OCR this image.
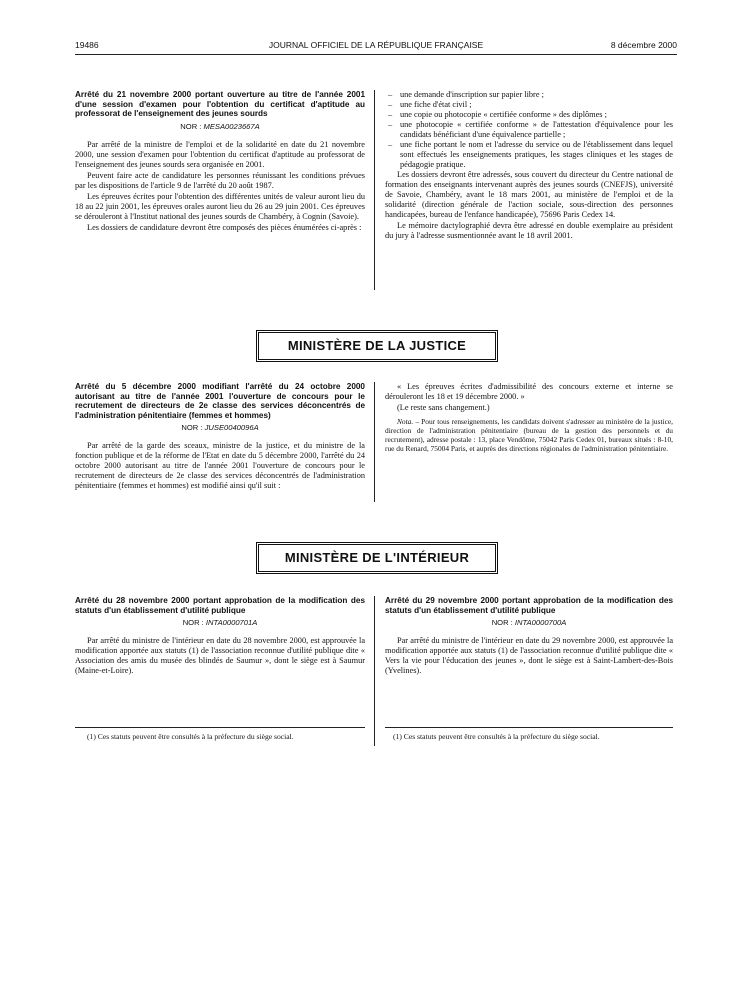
19486	JOURNAL OFFICIEL DE LA RÉPUBLIQUE FRANÇAISE	8 décembre 2000

Arrêté du 21 novembre 2000 portant ouverture au titre de l'année 2001 d'une session d'examen pour l'obtention du certificat d'aptitude au professorat de l'enseignement des jeunes sourds

NOR : MESA0023667A

Par arrêté de la ministre de l'emploi et de la solidarité en date du 21 novembre 2000, une session d'examen pour l'obtention du certificat d'aptitude au professorat de l'enseignement des jeunes sourds sera organisée en 2001.

Peuvent faire acte de candidature les personnes réunissant les conditions prévues par les dispositions de l'article 9 de l'arrêté du 20 août 1987.

Les épreuves écrites pour l'obtention des différentes unités de valeur auront lieu du 18 au 22 juin 2001, les épreuves orales auront lieu du 26 au 29 juin 2001. Ces épreuves se dérouleront à l'Institut national des jeunes sourds de Chambéry, à Cognin (Savoie).

Les dossiers de candidature devront être composés des pièces énumérées ci-après :

– une demande d'inscription sur papier libre ;
– une fiche d'état civil ;
– une copie ou photocopie « certifiée conforme » des diplômes ;
– une photocopie « certifiée conforme » de l'attestation d'équivalence pour les candidats bénéficiant d'une équivalence partielle ;
– une fiche portant le nom et l'adresse du service ou de l'établissement dans lequel sont effectués les enseignements pratiques, les stages cliniques et les stages de pédagogie pratique.

Les dossiers devront être adressés, sous couvert du directeur du Centre national de formation des enseignants intervenant auprès des jeunes sourds (CNEFJS), université de Savoie, Chambéry, avant le 18 mars 2001, au ministère de l'emploi et de la solidarité (direction générale de l'action sociale, sous-direction des personnes handicapées, bureau de l'enfance handicapée), 75696 Paris Cedex 14.

Le mémoire dactylographié devra être adressé en double exemplaire au président du jury à l'adresse susmentionnée avant le 18 avril 2001.

MINISTÈRE DE LA JUSTICE

Arrêté du 5 décembre 2000 modifiant l'arrêté du 24 octobre 2000 autorisant au titre de l'année 2001 l'ouverture de concours pour le recrutement de directeurs de 2e classe des services déconcentrés de l'administration pénitentiaire (femmes et hommes)

NOR : JUSE0040096A

Par arrêté de la garde des sceaux, ministre de la justice, et du ministre de la fonction publique et de la réforme de l'Etat en date du 5 décembre 2000, l'arrêté du 24 octobre 2000 autorisant au titre de l'année 2001 l'ouverture de concours pour le recrutement de directeurs de 2e classe des services déconcentrés de l'administration pénitentiaire (femmes et hommes) est modifié ainsi qu'il suit :

« Les épreuves écrites d'admissibilité des concours externe et interne se dérouleront les 18 et 19 décembre 2000. »

(Le reste sans changement.)

Nota. – Pour tous renseignements, les candidats doivent s'adresser au ministère de la justice, direction de l'administration pénitentiaire (bureau de la gestion des personnels et du recrutement), adresse postale : 13, place Vendôme, 75042 Paris Cedex 01, bureaux situés : 8-10, rue du Renard, 75004 Paris, et auprès des directions régionales de l'administration pénitentiaire.

MINISTÈRE DE L'INTÉRIEUR

Arrêté du 28 novembre 2000 portant approbation de la modification des statuts d'un établissement d'utilité publique

NOR : INTA0000701A

Par arrêté du ministre de l'intérieur en date du 28 novembre 2000, est approuvée la modification apportée aux statuts (1) de l'association reconnue d'utilité publique dite « Association des amis du musée des blindés de Saumur », dont le siège est à Saumur (Maine-et-Loire).

Arrêté du 29 novembre 2000 portant approbation de la modification des statuts d'un établissement d'utilité publique

NOR : INTA0000700A

Par arrêté du ministre de l'intérieur en date du 29 novembre 2000, est approuvée la modification apportée aux statuts (1) de l'association reconnue d'utilité publique dite « Vers la vie pour l'éducation des jeunes », dont le siège est à Saint-Lambert-des-Bois (Yvelines).

(1) Ces statuts peuvent être consultés à la préfecture du siège social.	(1) Ces statuts peuvent être consultés à la préfecture du siège social.
